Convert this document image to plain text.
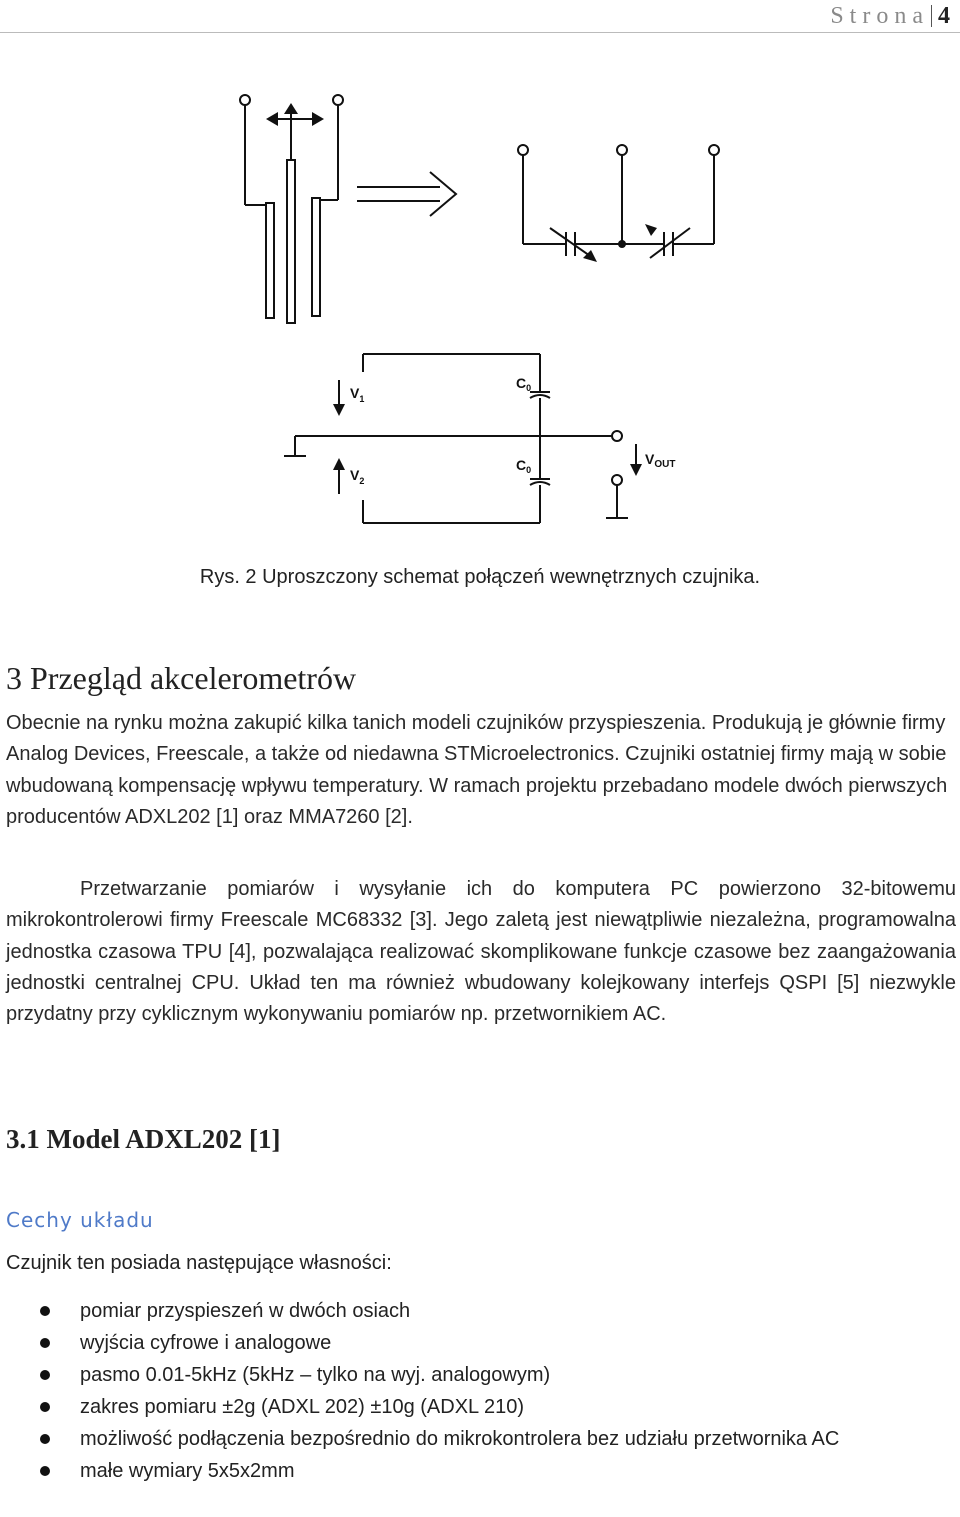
Strona 4
$C_0$
$C_0$
$V_1$
$V_2$
$V_{OUT}$
Rys. 2 Uproszczony schemat połączeń wewnętrznych czujnika.
3 Przegląd akcelerometrów
Obecnie na rynku można zakupić kilka tanich modeli czujników przyspieszenia. Produkują je głównie firmy Analog Devices, Freescale, a także od niedawna STMicroelectronics. Czujniki ostatniej firmy mają w sobie wbudowaną kompensację wpływu temperatury. W ramach projektu przebadano modele dwóch pierwszych producentów ADXL202 [1] oraz MMA7260 [2].
Przetwarzanie pomiarów i wysyłanie ich do komputera PC powierzono 32-bitowemu mikrokontrolerowi firmy Freescale MC68332 [3]. Jego zaletą jest niewątpliwie niezależna, programowalna jednostka czasowa TPU [4], pozwalająca realizować skomplikowane funkcje czasowe bez zaangażowania jednostki centralnej CPU. Układ ten ma również wbudowany kolejkowany interfejs QSPI [5] niezwykle przydatny przy cyklicznym wykonywaniu pomiarów np. przetwornikiem AC.
3.1 Model ADXL202 [1]
Cechy układu
Czujnik ten posiada następujące własności:
pomiar przyspieszeń w dwóch osiach
wyjścia cyfrowe i analogowe
pasmo 0.01-5kHz (5kHz – tylko na wyj. analogowym)
zakres pomiaru ±2g (ADXL 202) ±10g (ADXL 210)
możliwość podłączenia bezpośrednio do mikrokontrolera bez udziału przetwornika AC
małe wymiary 5x5x2mm
